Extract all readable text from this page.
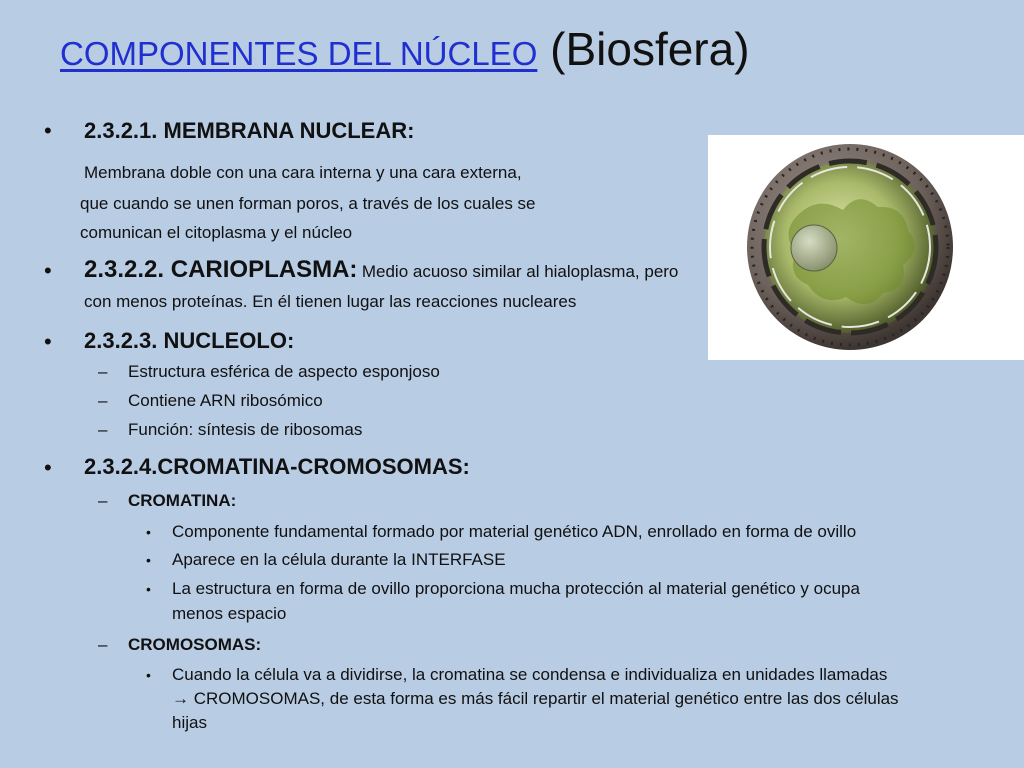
COMPONENTES DEL NÚCLEO (Biosfera)
• 2.3.2.1. MEMBRANA NUCLEAR:
Membrana doble con una cara interna y una cara externa,
que cuando se unen forman poros, a través de los cuales se
comunican el citoplasma y el núcleo
• 2.3.2.2. CARIOPLASMA: Medio acuoso similar al hialoplasma, pero
con menos proteínas. En él tienen lugar las reacciones nucleares
• 2.3.2.3. NUCLEOLO:
– Estructura esférica de aspecto esponjoso
– Contiene ARN ribosómico
– Función: síntesis de ribosomas
• 2.3.2.4.CROMATINA-CROMOSOMAS:
– CROMATINA:
• Componente fundamental formado por material genético ADN, enrollado en forma de ovillo
• Aparece en la célula durante la INTERFASE
• La estructura en forma de ovillo proporciona mucha protección al material genético y ocupa
menos espacio
– CROMOSOMAS:
• Cuando la célula va a dividirse, la cromatina se condensa e individualiza en unidades llamadas
→ CROMOSOMAS, de esta forma es más fácil repartir el material genético entre las dos células
hijas
